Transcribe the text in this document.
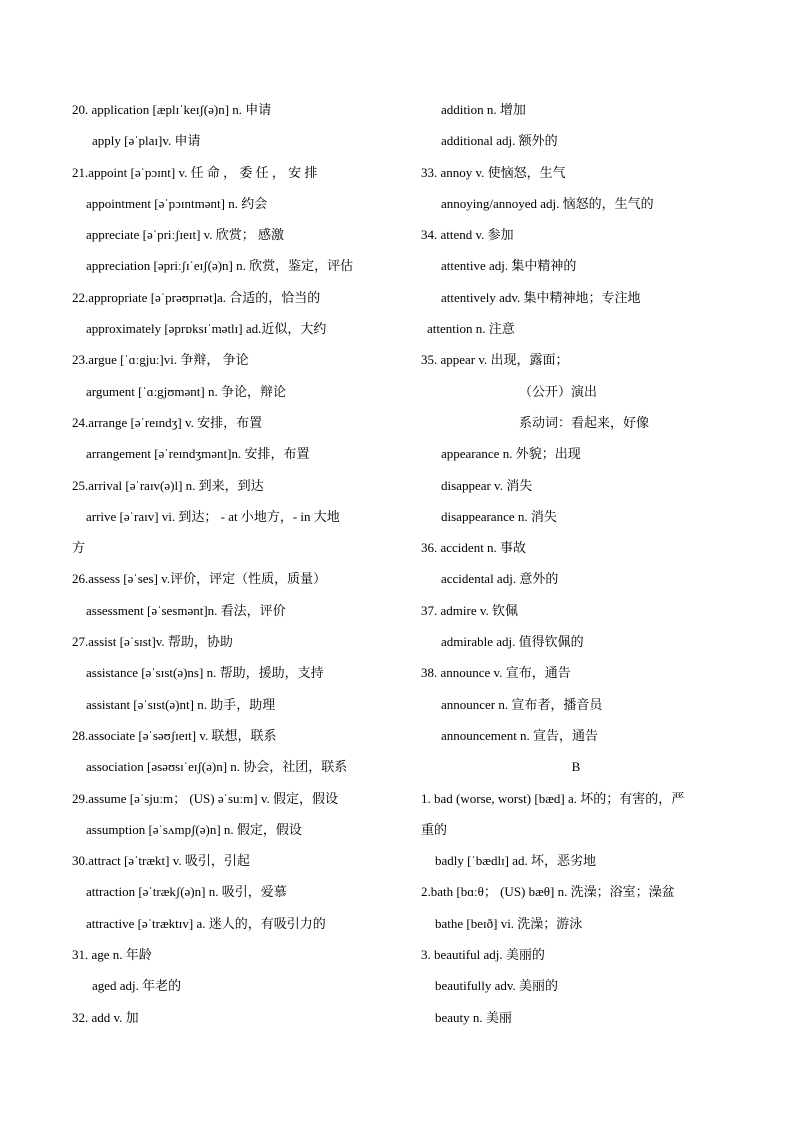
20. application [æplɪˈkeɪʃ(ə)n] n. 申请
apply [əˈplaɪ]v. 申请
21.appoint [əˈpɔɪnt] v. 任 命 ， 委 任 ， 安 排
appointment [əˈpɔɪntmənt] n. 约会
appreciate [əˈpriːʃɪeɪt] v. 欣赏； 感激
appreciation [əpriːʃɪˈeɪʃ(ə)n] n. 欣赏，鉴定，评估
22.appropriate [əˈprəʊprɪət]a. 合适的，恰当的
approximately [əprɒksɪˈmətlɪ] ad.近似，大约
23.argue [ˈɑːgjuː]vi. 争辩， 争论
argument [ˈɑːgjʊmənt] n. 争论，辩论
24.arrange [əˈreɪndʒ] v. 安排，布置
arrangement [əˈreɪndʒmənt]n. 安排，布置
25.arrival [əˈraɪv(ə)l] n. 到来，到达
arrive [əˈraɪv] vi. 到达； - at 小地方，- in 大地
方
26.assess [əˈses] v.评价，评定（性质，质量）
assessment [əˈsesmənt]n. 看法，评价
27.assist [əˈsɪst]v. 帮助，协助
assistance [əˈsɪst(ə)ns] n. 帮助，援助，支持
assistant [əˈsɪst(ə)nt] n. 助手，助理
28.associate [əˈsəʊʃɪeɪt] v. 联想，联系
association [əsəʊsɪˈeɪʃ(ə)n] n. 协会，社团，联系
29.assume [əˈsjuːm； (US) əˈsuːm] v. 假定，假设
assumption [əˈsʌmpʃ(ə)n] n. 假定，假设
30.attract [əˈtrækt] v. 吸引，引起
attraction [əˈtrækʃ(ə)n] n. 吸引，爱慕
attractive [əˈtræktɪv] a. 迷人的，有吸引力的
31. age n. 年龄
aged adj. 年老的
32. add v. 加
addition n. 增加
additional adj. 额外的
33. annoy v. 使恼怒，生气
annoying/annoyed adj. 恼怒的，生气的
34. attend v. 参加
attentive adj. 集中精神的
attentively adv. 集中精神地；专注地
attention n. 注意
35. appear v. 出现，露面；
（公开）演出
系动词：看起来，好像
appearance n. 外貌；出现
disappear v. 消失
disappearance n. 消失
36. accident n. 事故
accidental adj. 意外的
37. admire v. 钦佩
admirable adj. 值得钦佩的
38. announce v. 宣布，通告
announcer n. 宣布者，播音员
announcement n. 宣告，通告
B
1. bad (worse, worst) [bæd] a. 坏的；有害的，严
重的
badly [ˈbædlɪ] ad. 坏，恶劣地
2.bath [bɑːθ； (US) bæθ] n. 洗澡；浴室；澡盆
bathe [beɪð] vi. 洗澡；游泳
3. beautiful adj. 美丽的
beautifully adv. 美丽的
beauty n. 美丽
